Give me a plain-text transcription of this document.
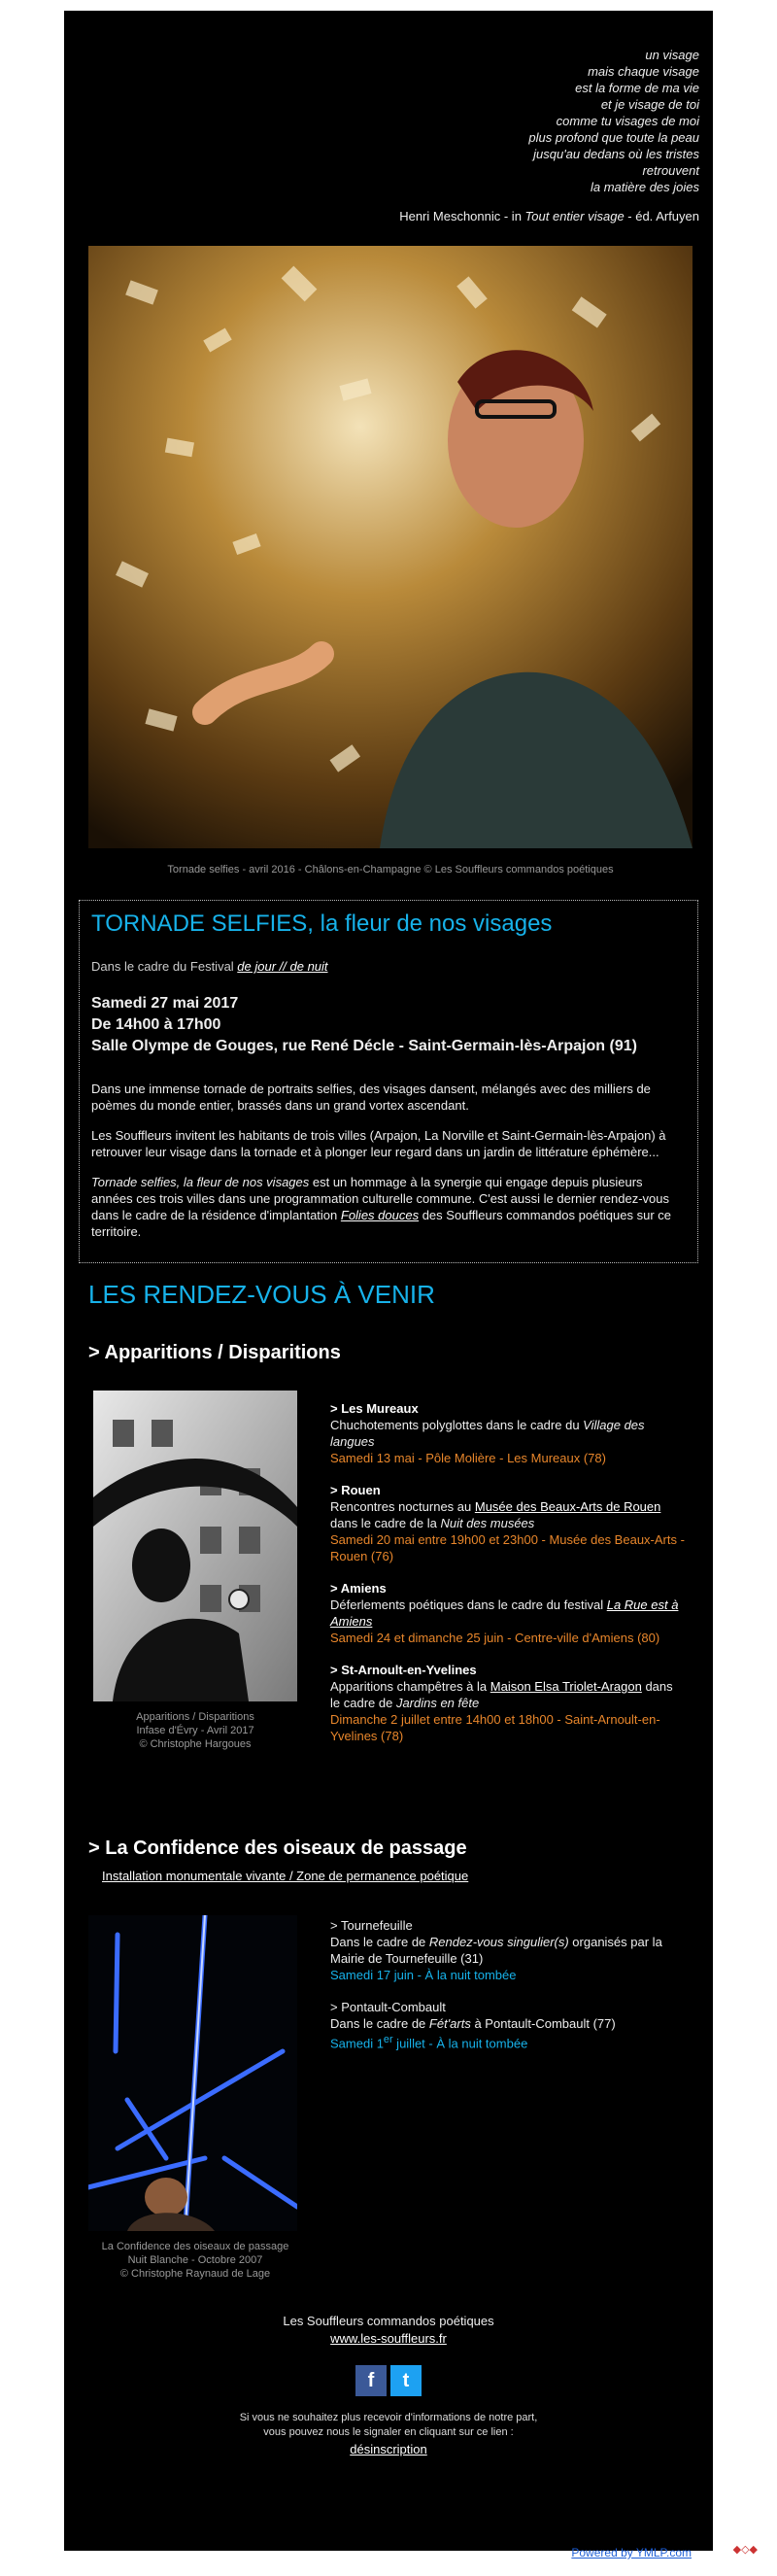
un visage
mais chaque visage
est la forme de ma vie
et je visage de toi
comme tu visages de moi
plus profond que toute la peau
jusqu'au dedans où les tristes
retrouvent
la matière des joies
Henri Meschonnic - in Tout entier visage - éd. Arfuyen
Tornade selfies - avril 2016 - Châlons-en-Champagne © Les Souffleurs commandos poétiques
TORNADE SELFIES, la fleur de nos visages
Dans le cadre du Festival de jour // de nuit
Samedi 27 mai 2017
De 14h00 à 17h00
Salle Olympe de Gouges, rue René Décle - Saint-Germain-lès-Arpajon (91)

Dans une immense tornade de portraits selfies, des visages dansent, mélangés avec des milliers de poèmes du monde entier, brassés dans un grand vortex ascendant.

Les Souffleurs invitent les habitants de trois villes (Arpajon, La Norville et Saint-Germain-lès-Arpajon) à retrouver leur visage dans la tornade et à plonger leur regard dans un jardin de littérature éphémère...

Tornade selfies, la fleur de nos visages est un hommage à la synergie qui engage depuis plusieurs années ces trois villes dans une programmation culturelle commune. C'est aussi le dernier rendez-vous dans le cadre de la résidence d'implantation Folies douces des Souffleurs commandos poétiques sur ce territoire.

LES RENDEZ-VOUS À VENIR
> Apparitions / Disparitions
Apparitions / Disparitions
Infase d'Évry - Avril 2017
© Christophe Hargoues
> Les Mureaux
Chuchotements polyglottes dans le cadre du Village des langues
Samedi 13 mai - Pôle Molière - Les Mureaux (78)
> Rouen
Rencontres nocturnes au Musée des Beaux-Arts de Rouen dans le cadre de la Nuit des musées
Samedi 20 mai entre 19h00 et 23h00 - Musée des Beaux-Arts - Rouen (76)
> Amiens
Déferlements poétiques dans le cadre du festival La Rue est à Amiens
Samedi 24 et dimanche 25 juin - Centre-ville d'Amiens (80)
> St-Arnoult-en-Yvelines
Apparitions champêtres à la Maison Elsa Triolet-Aragon dans le cadre de Jardins en fête
Dimanche 2 juillet entre 14h00 et 18h00 - Saint-Arnoult-en-Yvelines (78)
> La Confidence des oiseaux de passage
Installation monumentale vivante / Zone de permanence poétique
La Confidence des oiseaux de passage
Nuit Blanche - Octobre 2007
© Christophe Raynaud de Lage
> Tournefeuille
Dans le cadre de Rendez-vous singulier(s) organisés par la Mairie de Tournefeuille (31)
Samedi 17 juin - À la nuit tombée
> Pontault-Combault
Dans le cadre de Fét'arts à Pontault-Combault (77)
Samedi 1er juillet - À la nuit tombée
Les Souffleurs commandos poétiques
www.les-souffleurs.fr
f	t
Si vous ne souhaitez plus recevoir d'informations de notre part,
vous pouvez nous le signaler en cliquant sur ce lien :
désinscription
Powered by YMLP.com	◆◇◆
